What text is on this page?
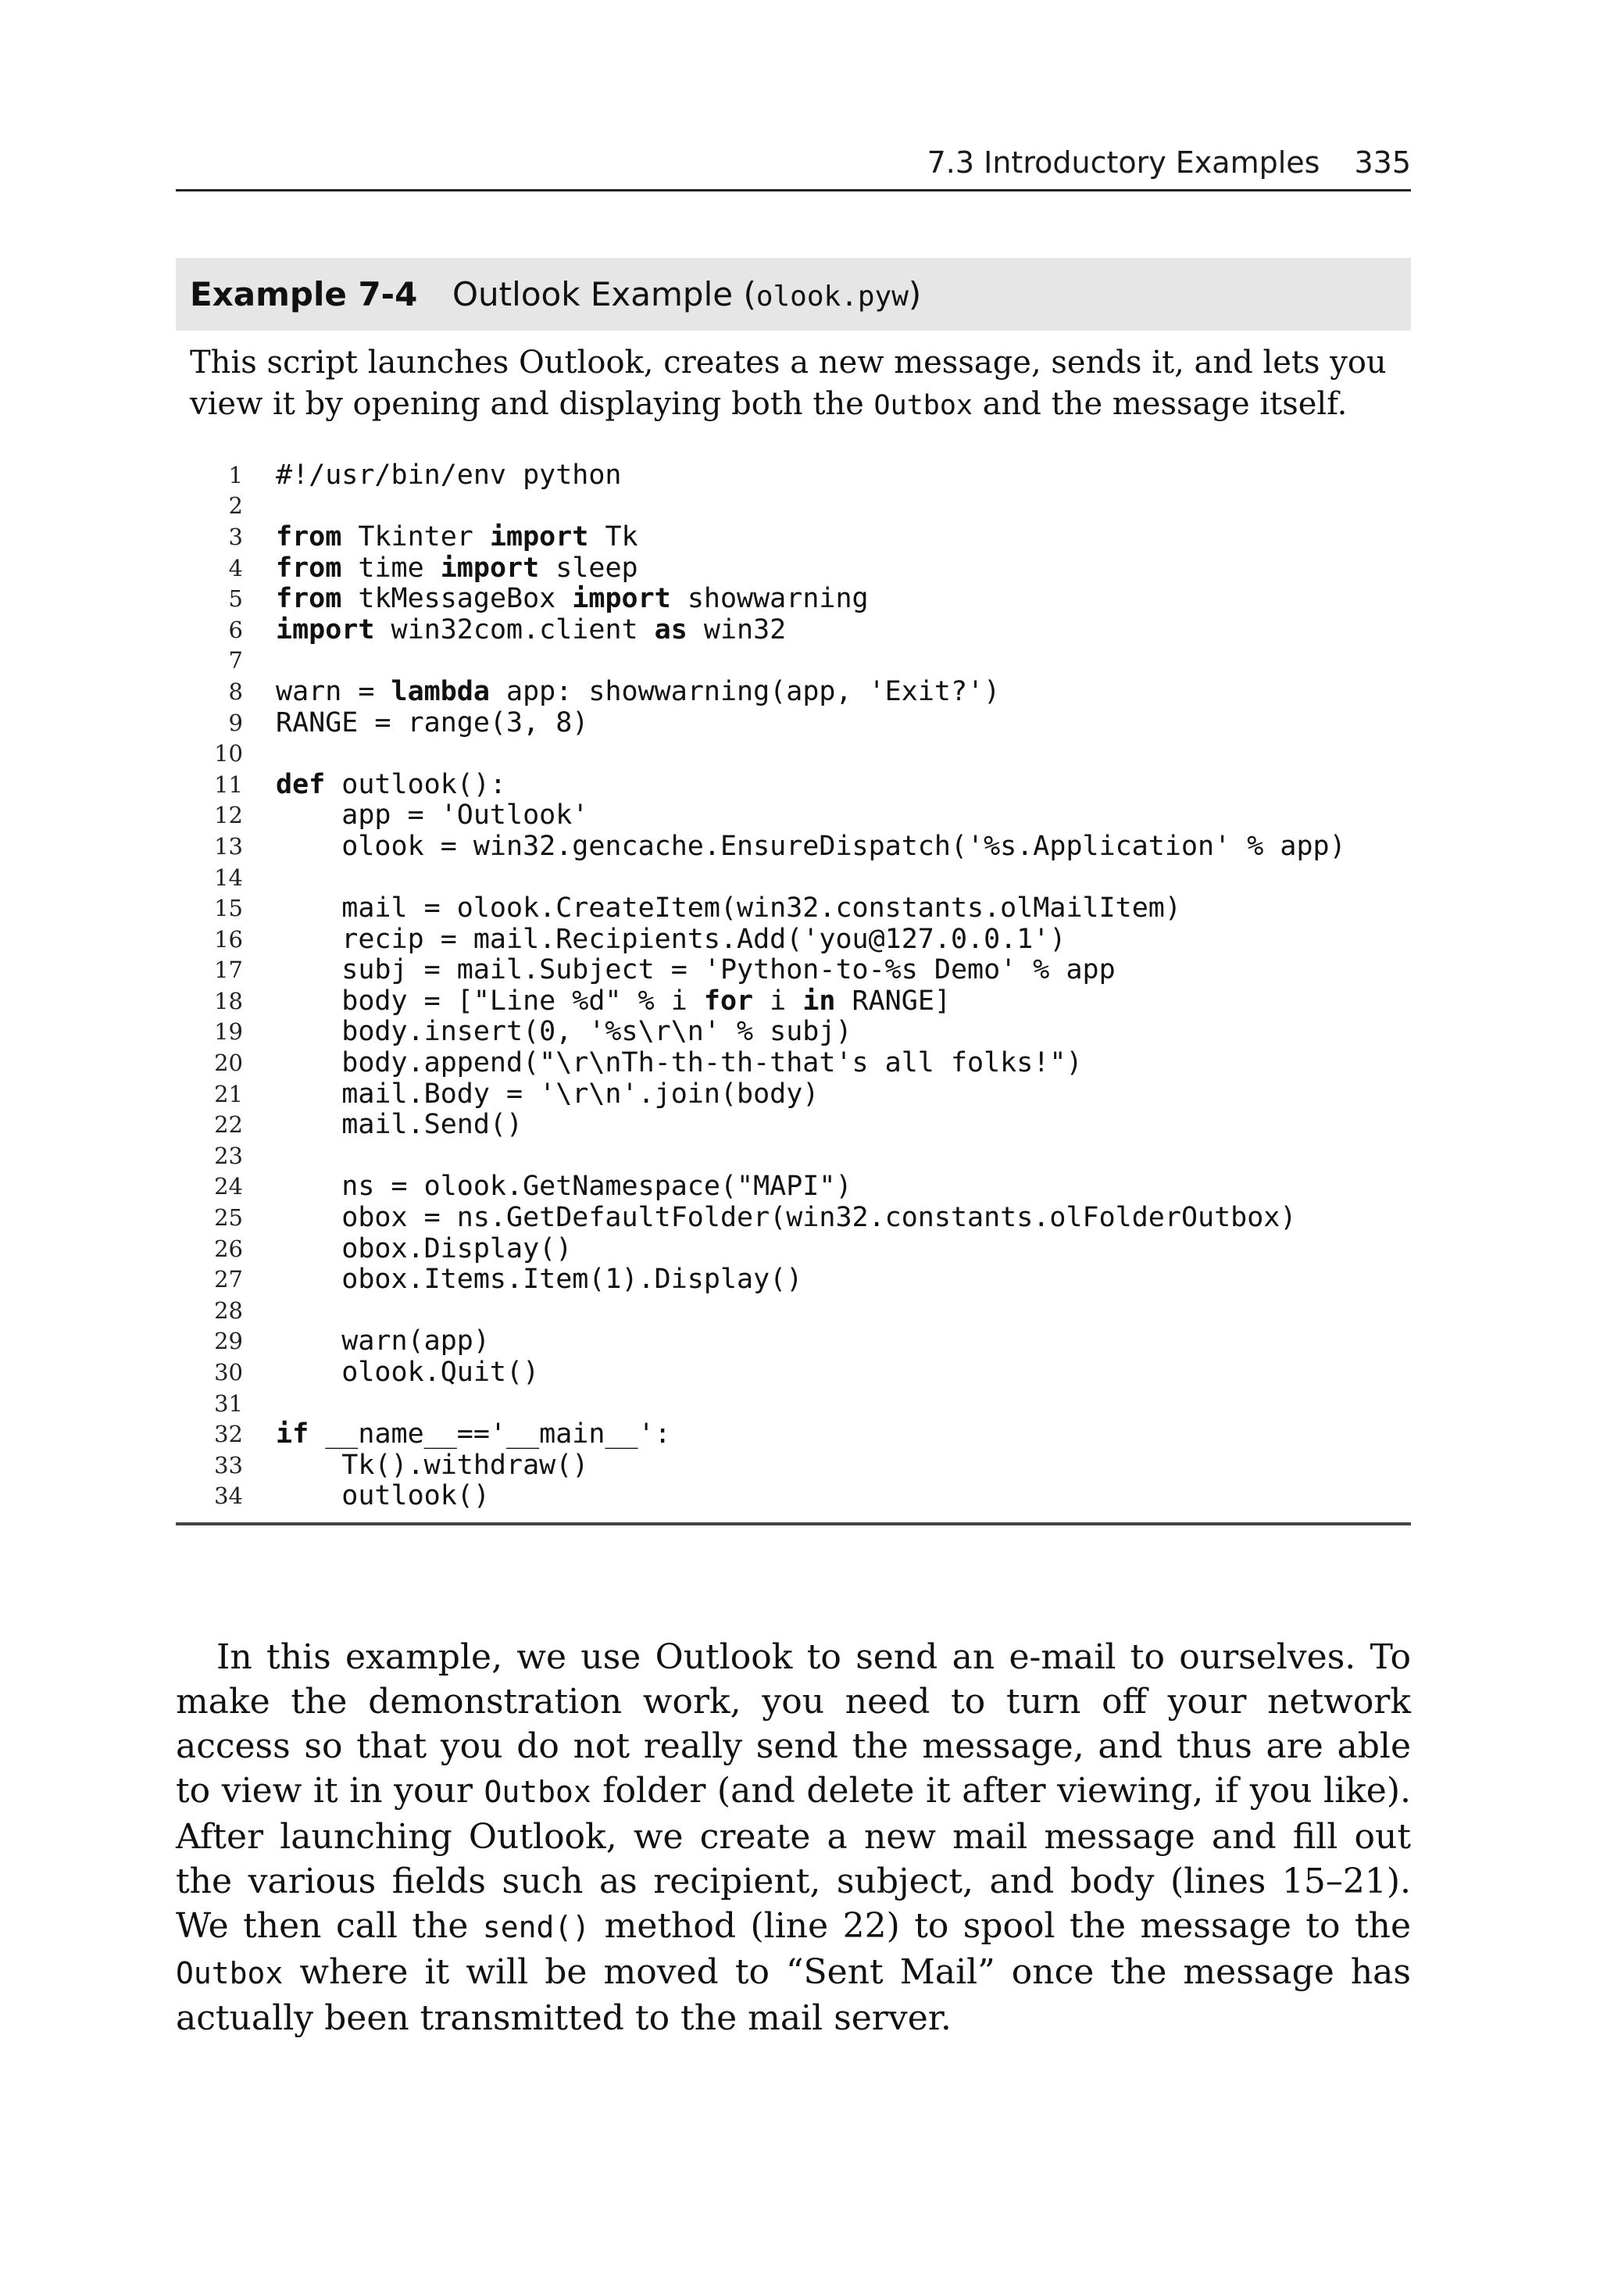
7.3 Introductory Examples 335
Example 7-4	Outlook Example (olook.pyw)
This script launches Outlook, creates a new message, sends it, and lets you view it by opening and displaying both the Outbox and the message itself.
1 #!/usr/bin/env python
2
3 from Tkinter import Tk
4 from time import sleep
5 from tkMessageBox import showwarning
6 import win32com.client as win32
7
8 warn = lambda app: showwarning(app, 'Exit?')
9 RANGE = range(3, 8)
10
11 def outlook():
12 app = 'Outlook'
13 olook = win32.gencache.EnsureDispatch('%s.Application' % app)
14
15 mail = olook.CreateItem(win32.constants.olMailItem)
16 recip = mail.Recipients.Add('you@127.0.0.1')
17 subj = mail.Subject = 'Python-to-%s Demo' % app
18 body = ["Line %d" % i for i in RANGE]
19 body.insert(0, '%s\r\n' % subj)
20 body.append("\r\nTh-th-th-that's all folks!")
21 mail.Body = '\r\n'.join(body)
22 mail.Send()
23
24 ns = olook.GetNamespace("MAPI")
25 obox = ns.GetDefaultFolder(win32.constants.olFolderOutbox)
26 obox.Display()
27 obox.Items.Item(1).Display()
28
29 warn(app)
30 olook.Quit()
31
32 if __name__=='__main__':
33 Tk().withdraw()
34 outlook()
In this example, we use Outlook to send an e-mail to ourselves. To make the demonstration work, you need to turn off your network access so that you do not really send the message, and thus are able to view it in your Outbox folder (and delete it after viewing, if you like). After launching Outlook, we create a new mail message and fill out the various fields such as recipient, subject, and body (lines 15–21). We then call the send() method (line 22) to spool the message to the Outbox where it will be moved to “Sent Mail” once the message has actually been transmitted to the mail server.
